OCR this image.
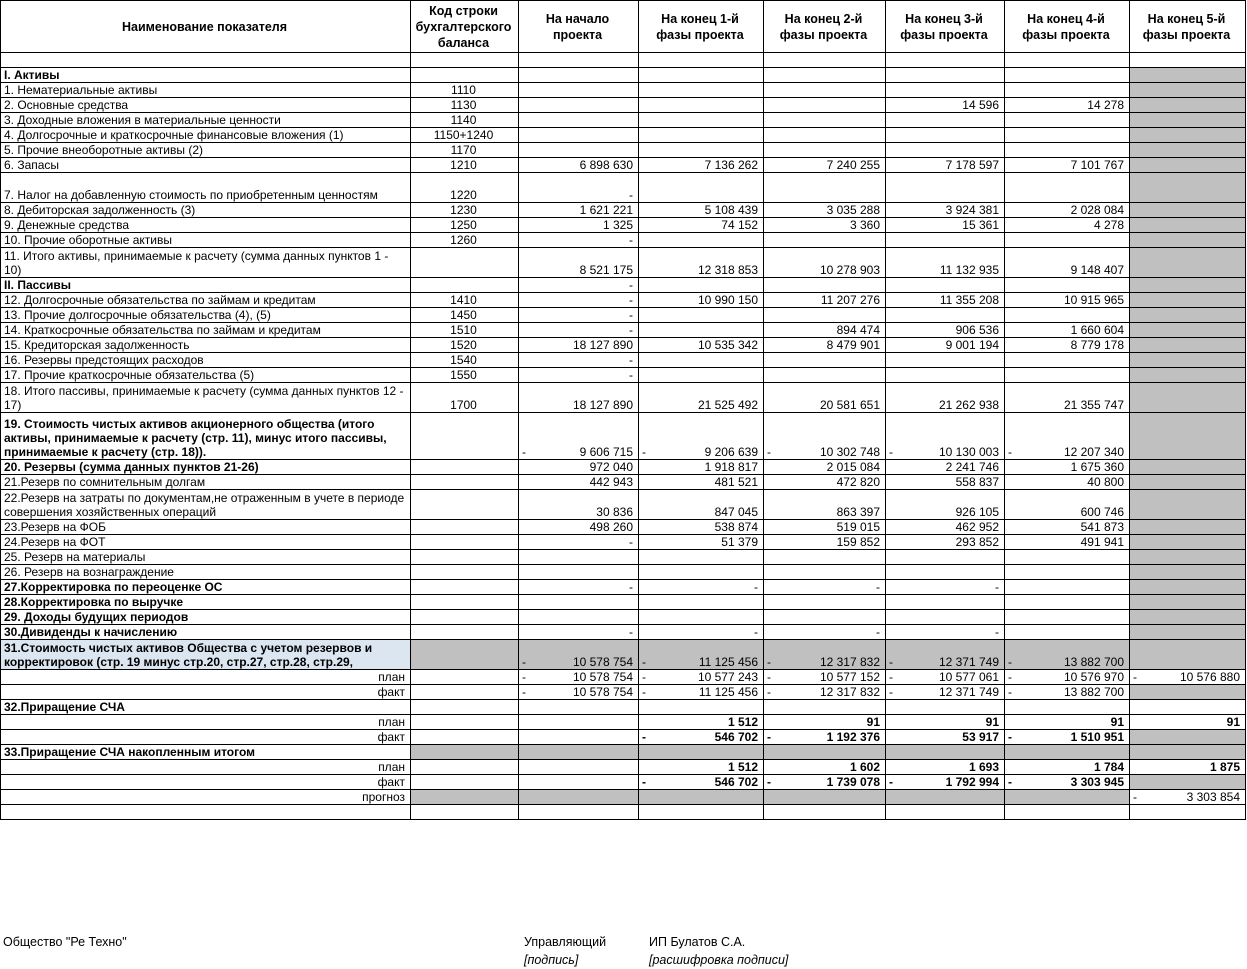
Наименование показателя	Код строки бухгалтерского баланса	На начало проекта	На конец 1-й фазы проекта	На конец 2-й фазы проекта	На конец 3-й фазы проекта	На конец 4-й фазы проекта	На конец 5-й фазы проекта

I. Активы							
1. Нематериальные активы	1110						
2. Основные средства	1130				14 596	14 278	
3. Доходные вложения в материальные ценности	1140						
4. Долгосрочные и краткосрочные финансовые вложения (1)	1150+1240						
5. Прочие внеоборотные активы (2)	1170						
6. Запасы	1210	6 898 630	7 136 262	7 240 255	7 178 597	7 101 767	
7. Налог на добавленную стоимость по приобретенным ценностям	1220	-					
8. Дебиторская задолженность (3)	1230	1 621 221	5 108 439	3 035 288	3 924 381	2 028 084	
9. Денежные средства	1250	1 325	74 152	3 360	15 361	4 278	
10. Прочие оборотные активы	1260	-					
11. Итого активы, принимаемые к расчету (сумма данных пунктов 1 - 10)		8 521 175	12 318 853	10 278 903	11 132 935	9 148 407	
II. Пассивы		-					
12. Долгосрочные обязательства по займам и кредитам	1410	-	10 990 150	11 207 276	11 355 208	10 915 965	
13. Прочие долгосрочные обязательства (4), (5)	1450	-					
14. Краткосрочные обязательства по займам и кредитам	1510	-		894 474	906 536	1 660 604	
15. Кредиторская задолженность	1520	18 127 890	10 535 342	8 479 901	9 001 194	8 779 178	
16. Резервы предстоящих расходов	1540	-					
17. Прочие краткосрочные обязательства (5)	1550	-					
18. Итого пассивы, принимаемые к расчету (сумма данных пунктов 12 - 17)	1700	18 127 890	21 525 492	20 581 651	21 262 938	21 355 747	
19. Стоимость чистых активов акционерного общества (итого активы, принимаемые к расчету (стр. 11), минус итого пассивы, принимаемые к расчету (стр. 18)).		- 9 606 715	- 9 206 639	- 10 302 748	- 10 130 003	- 12 207 340	
20. Резервы (сумма данных пунктов 21-26)		972 040	1 918 817	2 015 084	2 241 746	1 675 360	
21.Резерв по сомнительным долгам		442 943	481 521	472 820	558 837	40 800	
22.Резерв на затраты по документам,не отраженным в учете в периоде совершения хозяйственных операций		30 836	847 045	863 397	926 105	600 746	
23.Резерв на ФОБ		498 260	538 874	519 015	462 952	541 873	
24.Резерв на ФОТ		-	51 379	159 852	293 852	491 941	
25. Резерв на материалы							
26. Резерв на вознаграждение							
27.Корректировка по переоценке ОС		-	-	-	-		
28.Корректировка по выручке							
29. Доходы будущих периодов							
30.Дивиденды к начислению		-	-	-	-		
31.Стоимость чистых активов Общества с учетом резервов и корректировок (стр. 19 минус стр.20, стр.27, стр.28, стр.29,		- 10 578 754	- 11 125 456	- 12 317 832	- 12 371 749	- 13 882 700	
план		- 10 578 754	- 10 577 243	- 10 577 152	- 10 577 061	- 10 576 970	- 10 576 880
факт		- 10 578 754	- 11 125 456	- 12 317 832	- 12 371 749	- 13 882 700	
32.Приращение СЧА							
план			1 512	91	91	91	91
факт			- 546 702	- 1 192 376	53 917	- 1 510 951	
33.Приращение СЧА накопленным итогом							
план			1 512	1 602	1 693	1 784	1 875
факт			- 546 702	- 1 739 078	- 1 792 994	- 3 303 945	
прогноз							- 3 303 854

Общество "Ре Техно"	Управляющий	ИП Булатов С.А.
[подпись]	[расшифровка подписи]
